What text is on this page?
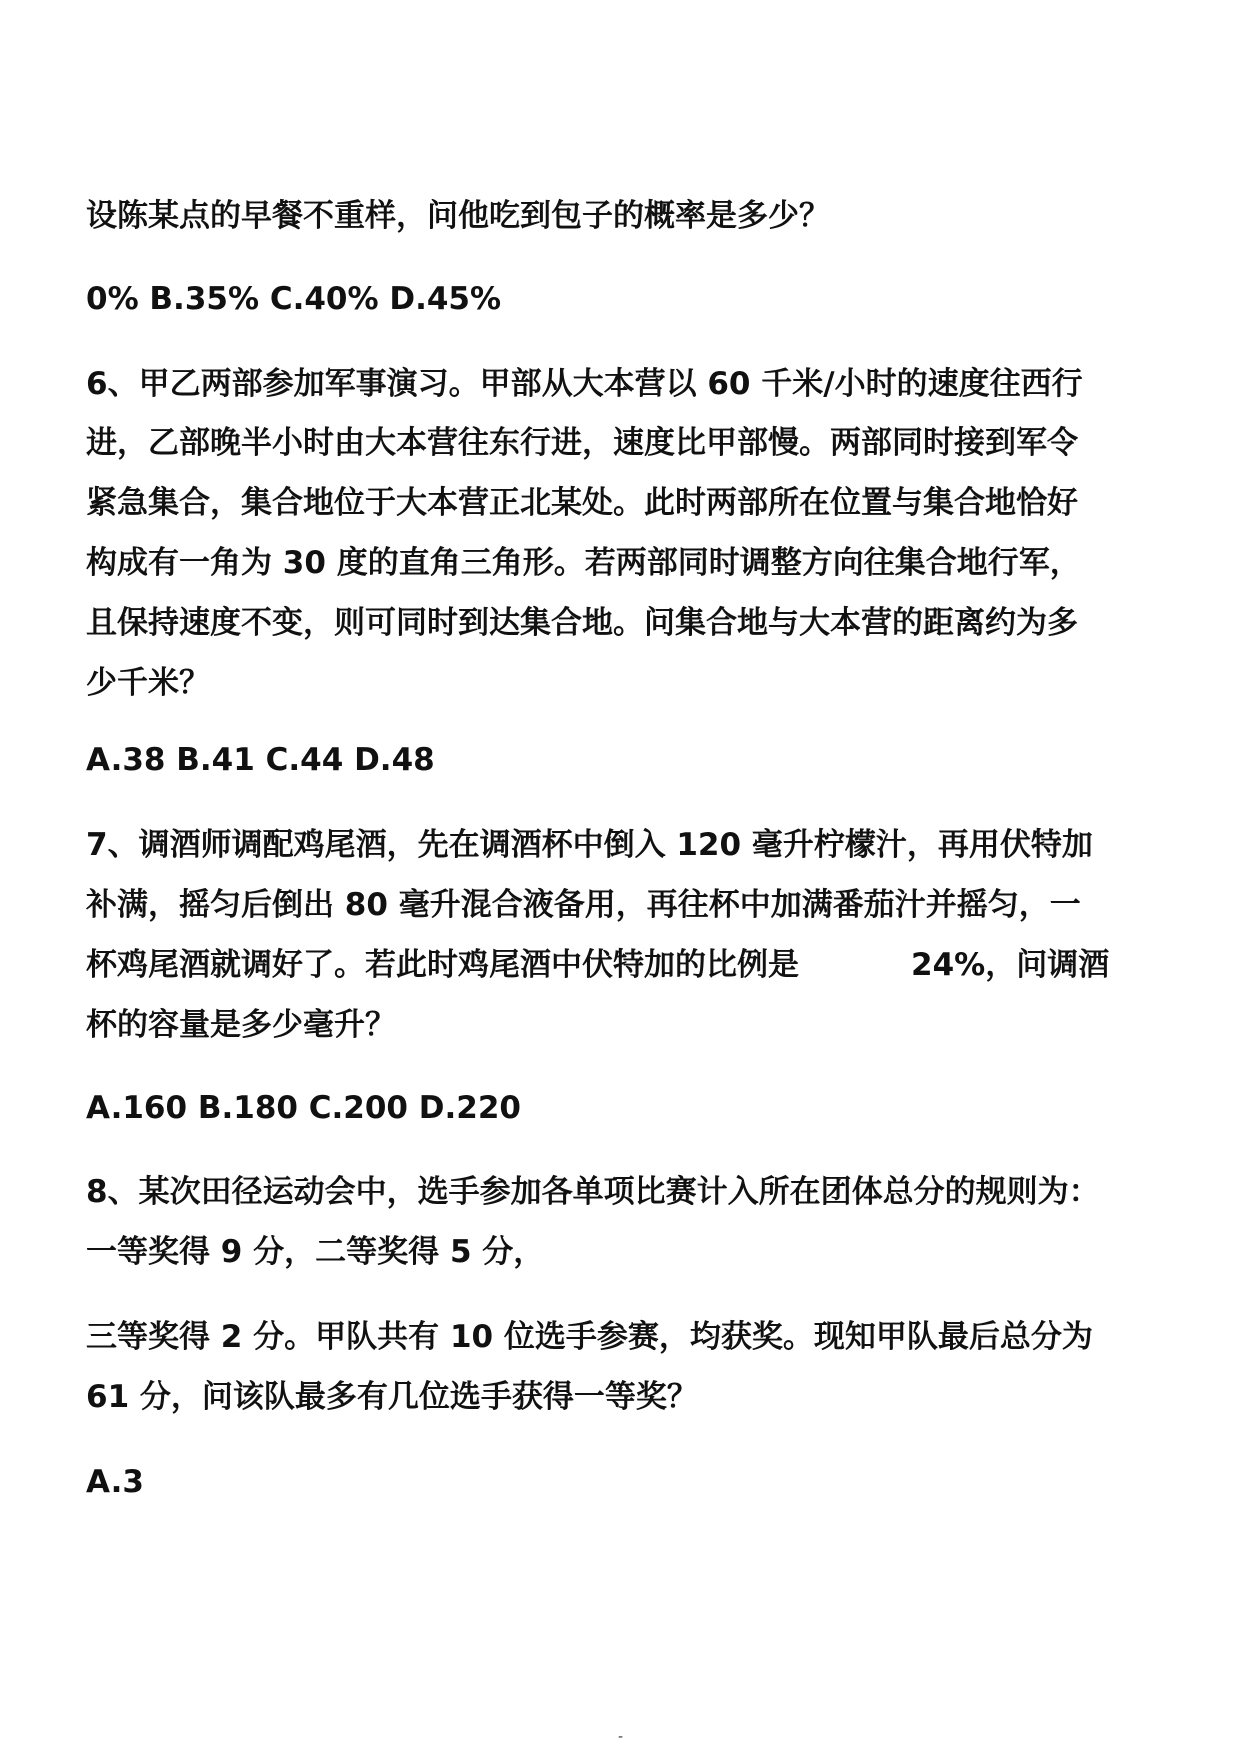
设陈某点的早餐不重样，问他吃到包子的概率是多少？
0% B.35% C.40% D.45%
6、甲乙两部参加军事演习。甲部从大本营以 60 千米/小时的速度往西行
进，乙部晚半小时由大本营往东行进，速度比甲部慢。两部同时接到军令
紧急集合，集合地位于大本营正北某处。此时两部所在位置与集合地恰好
构成有一角为 30 度的直角三角形。若两部同时调整方向往集合地行军，
且保持速度不变，则可同时到达集合地。问集合地与大本营的距离约为多
少千米？
A.38 B.41 C.44 D.48
7、调酒师调配鸡尾酒，先在调酒杯中倒入 120 毫升柠檬汁，再用伏特加
补满，摇匀后倒出 80 毫升混合液备用，再往杯中加满番茄汁并摇匀，一
杯鸡尾酒就调好了。若此时鸡尾酒中伏特加的比例是	24%，问调酒
杯的容量是多少毫升？
A.160 B.180 C.200 D.220
8、某次田径运动会中，选手参加各单项比赛计入所在团体总分的规则为：
一等奖得 9 分，二等奖得 5 分，
三等奖得 2 分。甲队共有 10 位选手参赛，均获奖。现知甲队最后总分为
61 分，问该队最多有几位选手获得一等奖？
A.3
-
